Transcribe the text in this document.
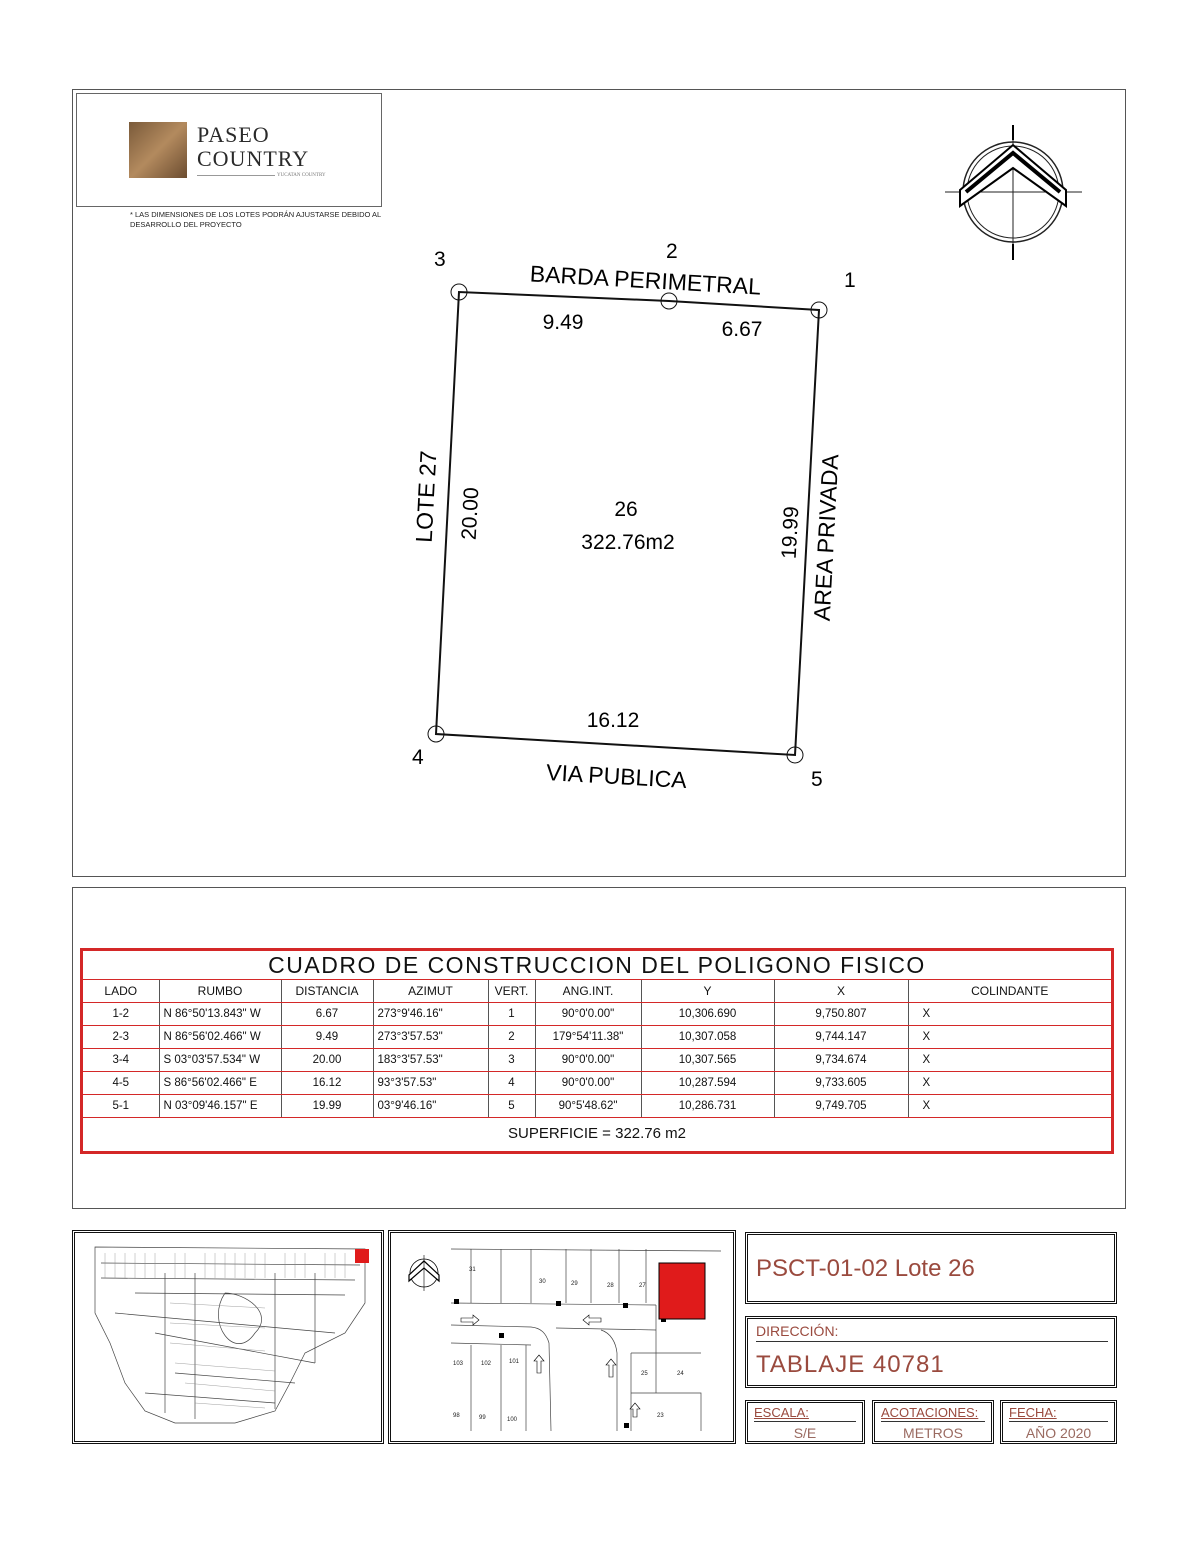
PASEO
COUNTRY
YUCATAN COUNTRY
* LAS DIMENSIONES DE LOS LOTES PODRÁN AJUSTARSE DEBIDO AL DESARROLLO DEL PROYECTO
1
2
3
4
5
BARDA PERIMETRAL
VIA PUBLICA
LOTE 27	AREA PRIVADA
9.49	6.67
20.00	19.99
16.12
26
322.76m2
CUADRO DE CONSTRUCCION DEL POLIGONO FISICO								
LADO	RUMBO	DISTANCIA	AZIMUT	VERT.	ANG.INT.	Y	X	COLINDANTE
1-2	N 86°50'13.843" W	6.67	273°9'46.16"	1	90°0'0.00"	10,306.690	9,750.807	X
2-3	N 86°56'02.466" W	9.49	273°3'57.53"	2	179°54'11.38"	10,307.058	9,744.147	X
3-4	S 03°03'57.534" W	20.00	183°3'57.53"	3	90°0'0.00"	10,307.565	9,734.674	X
4-5	S 86°56'02.466" E	16.12	93°3'57.53"	4	90°0'0.00"	10,287.594	9,733.605	X
5-1	N 03°09'46.157" E	19.99	03°9'46.16"	5	90°5'48.62"	10,286.731	9,749.705	X
SUPERFICIE = 322.76 m2								
31
30	29	28	27
103	102	101
25	24
98	99	100
23
PSCT-01-02 Lote 26
DIRECCIÓN:
TABLAJE 40781
ESCALA:
S/E
ACOTACIONES:
METROS
FECHA:
AÑO 2020
